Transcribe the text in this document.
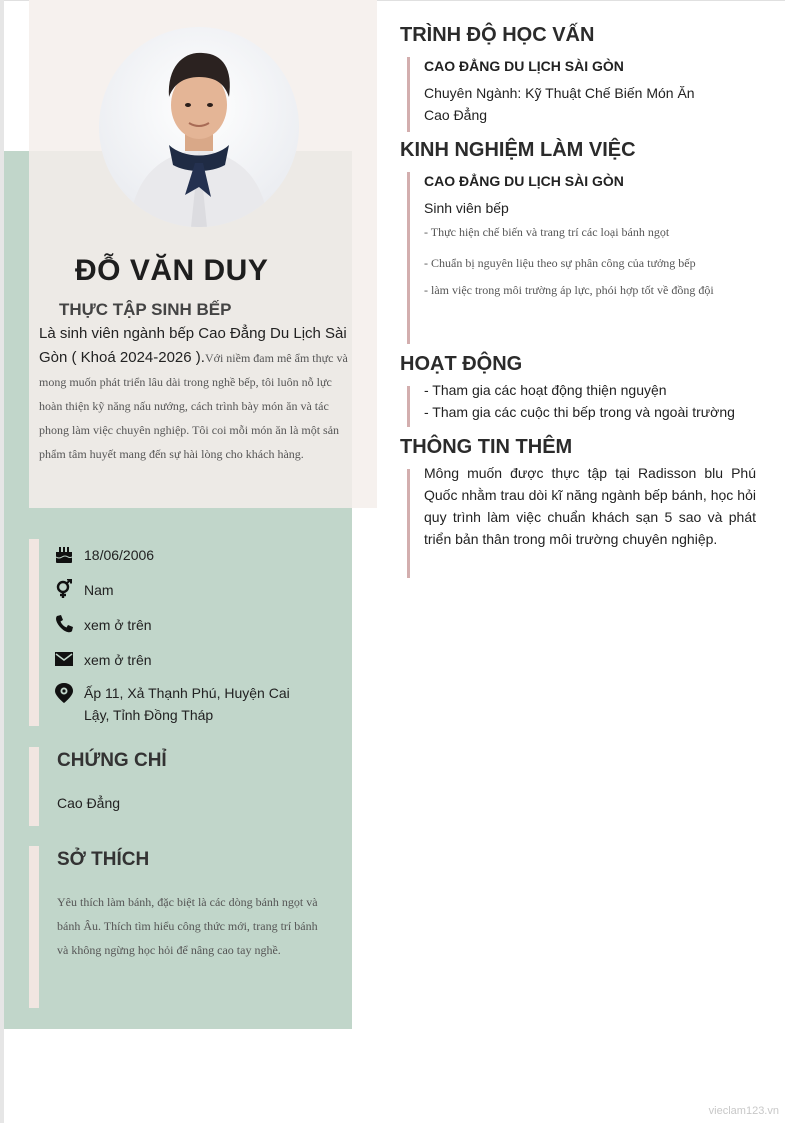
ĐỖ VĂN DUY
THỰC TẬP SINH BẾP
Là sinh viên ngành bếp Cao Đẳng Du Lịch Sài Gòn ( Khoá 2024-2026 ).Với niềm đam mê ẩm thực và mong muốn phát triển lâu dài trong nghề bếp, tôi luôn nỗ lực hoàn thiện kỹ năng nấu nướng, cách trình bày món ăn và tác phong làm việc chuyên nghiệp. Tôi coi mỗi món ăn là một sản phẩm tâm huyết mang đến sự hài lòng cho khách hàng.
18/06/2006
Nam
xem ở trên
xem ở trên
Ấp 11, Xả Thạnh Phú, Huyện Cai Lậy, Tỉnh Đồng Tháp
CHỨNG CHỈ
Cao Đẳng
SỞ THÍCH
Yêu thích làm bánh, đặc biệt là các dòng bánh ngọt và bánh Âu. Thích tìm hiểu công thức mới, trang trí bánh và không ngừng học hỏi để nâng cao tay nghề.
TRÌNH ĐỘ HỌC VẤN
CAO ĐẲNG DU LỊCH SÀI GÒN
Chuyên Ngành: Kỹ Thuật Chế Biến Món Ăn
Cao Đẳng
KINH NGHIỆM LÀM VIỆC
CAO ĐẲNG DU LỊCH SÀI GÒN
Sinh viên bếp
- Thực hiện chế biến và trang trí các loại bánh ngọt
- Chuẩn bị nguyên liệu theo sự phân công của tưởng bếp
- làm việc trong môi trường áp lực, phói hợp tốt về đồng đội
HOẠT ĐỘNG
- Tham gia các hoạt động thiện nguyện
- Tham gia các cuộc thi bếp trong và ngoài trường
THÔNG TIN THÊM
Mông muốn được thực tập tại Radisson blu Phú Quốc nhằm trau dòi kĩ năng ngành bếp bánh, học hỏi quy trình làm việc chuẩn khách sạn 5 sao và phát triển bản thân trong môi trường chuyên nghiệp.
vieclam123.vn
